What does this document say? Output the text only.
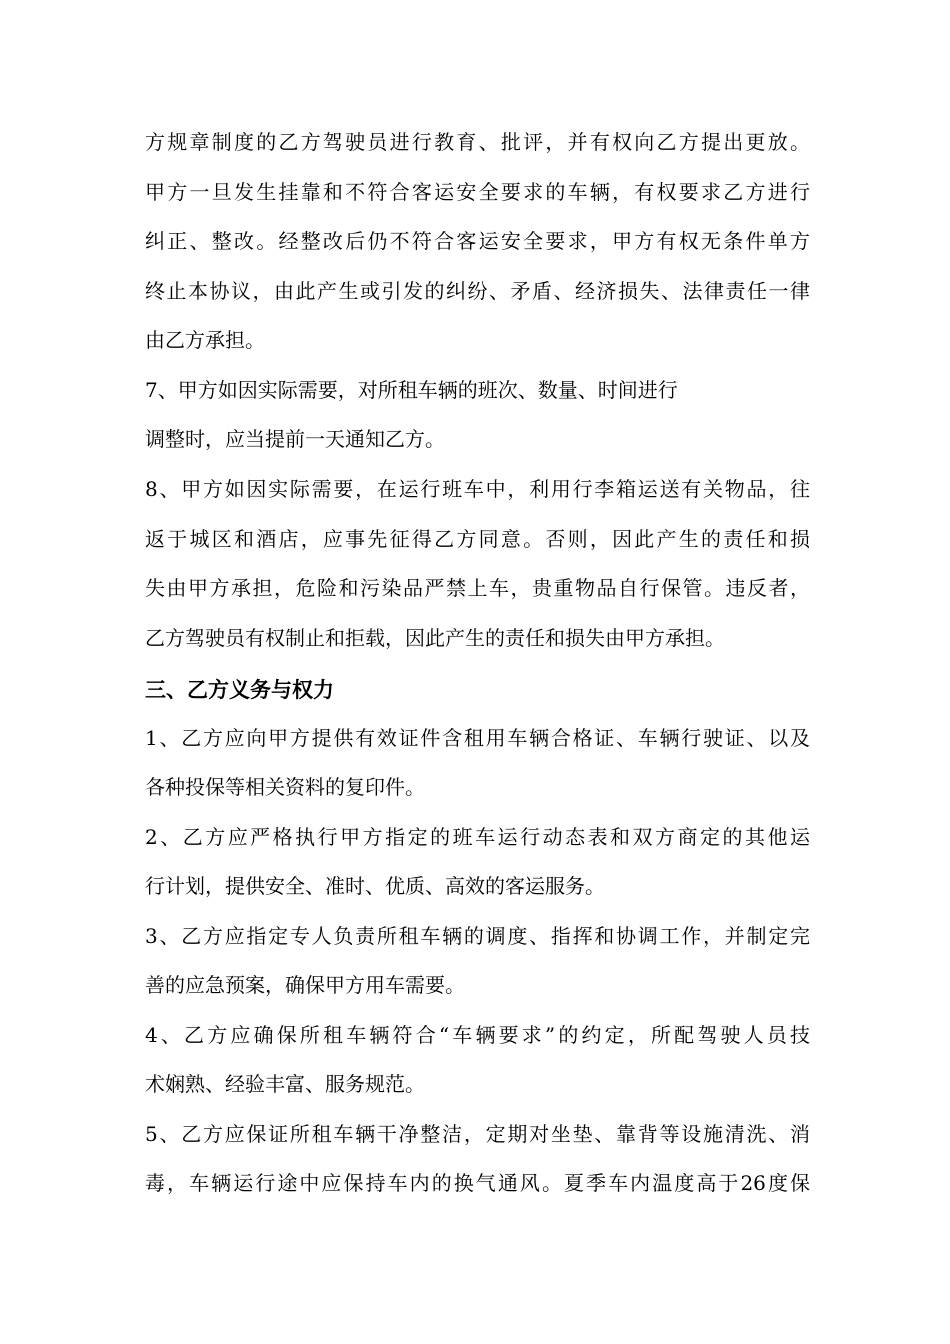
方规章制度的乙方驾驶员进行教育、批评，并有权向乙方提出更放。
甲方一旦发生挂靠和不符合客运安全要求的车辆，有权要求乙方进行
纠正、整改。经整改后仍不符合客运安全要求，甲方有权无条件单方
终止本协议，由此产生或引发的纠纷、矛盾、经济损失、法律责任一律
由乙方承担。
7、甲方如因实际需要，对所租车辆的班次、数量、时间进行
调整时，应当提前一天通知乙方。
8、甲方如因实际需要，在运行班车中，利用行李箱运送有关物品，往
返于城区和酒店，应事先征得乙方同意。否则，因此产生的责任和损
失由甲方承担，危险和污染品严禁上车，贵重物品自行保管。违反者，
乙方驾驶员有权制止和拒载，因此产生的责任和损失由甲方承担。
三、乙方义务与权力
1、乙方应向甲方提供有效证件含租用车辆合格证、车辆行驶证、以及
各种投保等相关资料的复印件。
2、乙方应严格执行甲方指定的班车运行动态表和双方商定的其他运
行计划，提供安全、准时、优质、高效的客运服务。
3、乙方应指定专人负责所租车辆的调度、指挥和协调工作，并制定完
善的应急预案，确保甲方用车需要。
4、乙方应确保所租车辆符合“车辆要求”的约定，所配驾驶人员技
术娴熟、经验丰富、服务规范。
5、乙方应保证所租车辆干净整洁，定期对坐垫、靠背等设施清洗、消
毒，车辆运行途中应保持车内的换气通风。夏季车内温度高于26度保
